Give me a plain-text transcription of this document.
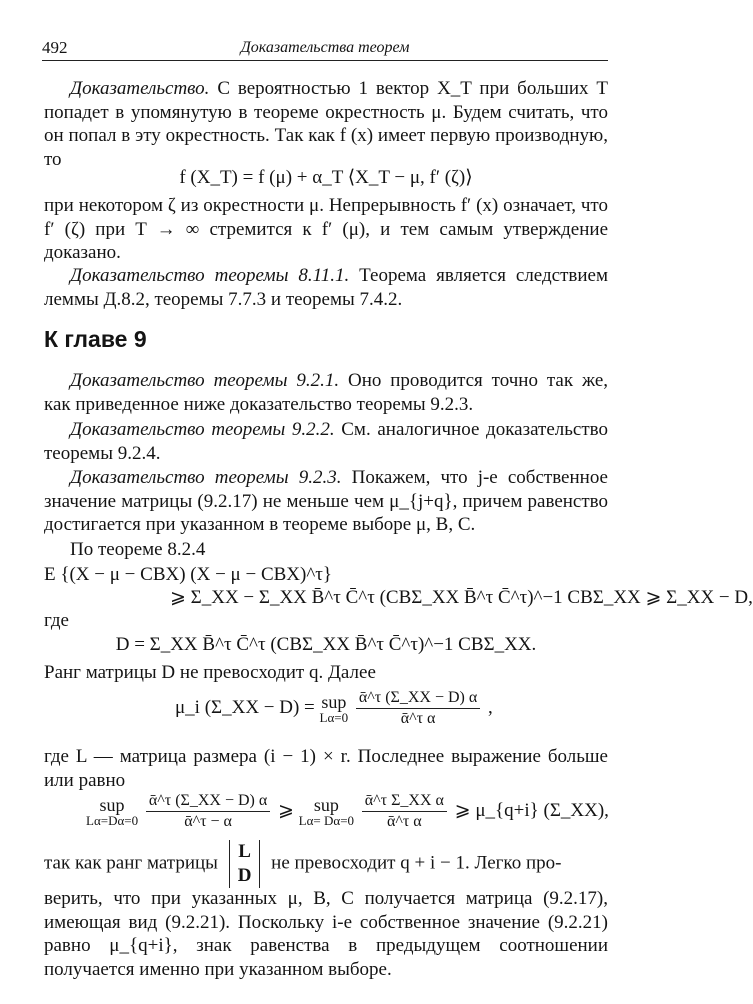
492	Доказательства теорем
Доказательство. С вероятностью 1 вектор X_T при больших T попадет в упомянутую в теореме окрестность μ. Будем считать, что он попал в эту окрестность. Так как f (x) имеет первую производную, то
f (X_T) = f (μ) + α_T ⟨X_T − μ, f′ (ζ)⟩
при некотором ζ из окрестности μ. Непрерывность f′ (x) означает, что f′ (ζ) при T → ∞ стремится к f′ (μ), и тем самым утверждение доказано.
Доказательство теоремы 8.11.1. Теорема является следствием леммы Д.8.2, теоремы 7.7.3 и теоремы 7.4.2.
К главе 9
Доказательство теоремы 9.2.1. Оно проводится точно так же, как приведенное ниже доказательство теоремы 9.2.3.
Доказательство теоремы 9.2.2. См. аналогичное доказательство теоремы 9.2.4.
Доказательство теоремы 9.2.3. Покажем, что j-е собственное значение матрицы (9.2.17) не меньше чем μ_{j+q}, причем равенство достигается при указанном в теореме выборе μ, B, C.
По теореме 8.2.4
E {(X − μ − CBX) (X − μ − CBX)^τ}
⩾ Σ_XX − Σ_XX B̄^τ C̄^τ (CBΣ_XX B̄^τ C̄^τ)^−1 CBΣ_XX ⩾ Σ_XX − D,
где
D = Σ_XX B̄^τ C̄^τ (CBΣ_XX B̄^τ C̄^τ)^−1 CBΣ_XX.
Ранг матрицы D не превосходит q. Далее
μ_i (Σ_XX − D) = sup
Lα=0
$\frac{\text{ᾱ\textasciicircum{}τ (Σ\_XX − D) α}}{\text{ᾱ\textasciicircum{}τ α}}$ ,
где L — матрица размера (i − 1) × r. Последнее выражение больше или равно
sup
Lα=Dα=0
$\frac{\text{ᾱ\textasciicircum{}τ (Σ\_XX − D) α}}{\text{ᾱ\textasciicircum{}τ − α}}$ ⩾	sup
Lα= Dα=0
$\frac{\text{ᾱ\textasciicircum{}τ Σ\_XX α}}{\text{ᾱ\textasciicircum{}τ α}}$ ⩾ μ_{q+i} (Σ_XX),
так как ранг матрицы
L
D
не превосходит q + i − 1. Легко про-
верить, что при указанных μ, B, C получается матрица (9.2.17), имеющая вид (9.2.21). Поскольку i-е собственное значение (9.2.21) равно μ_{q+i}, знак равенства в предыдущем соотношении получается именно при указанном выборе.
